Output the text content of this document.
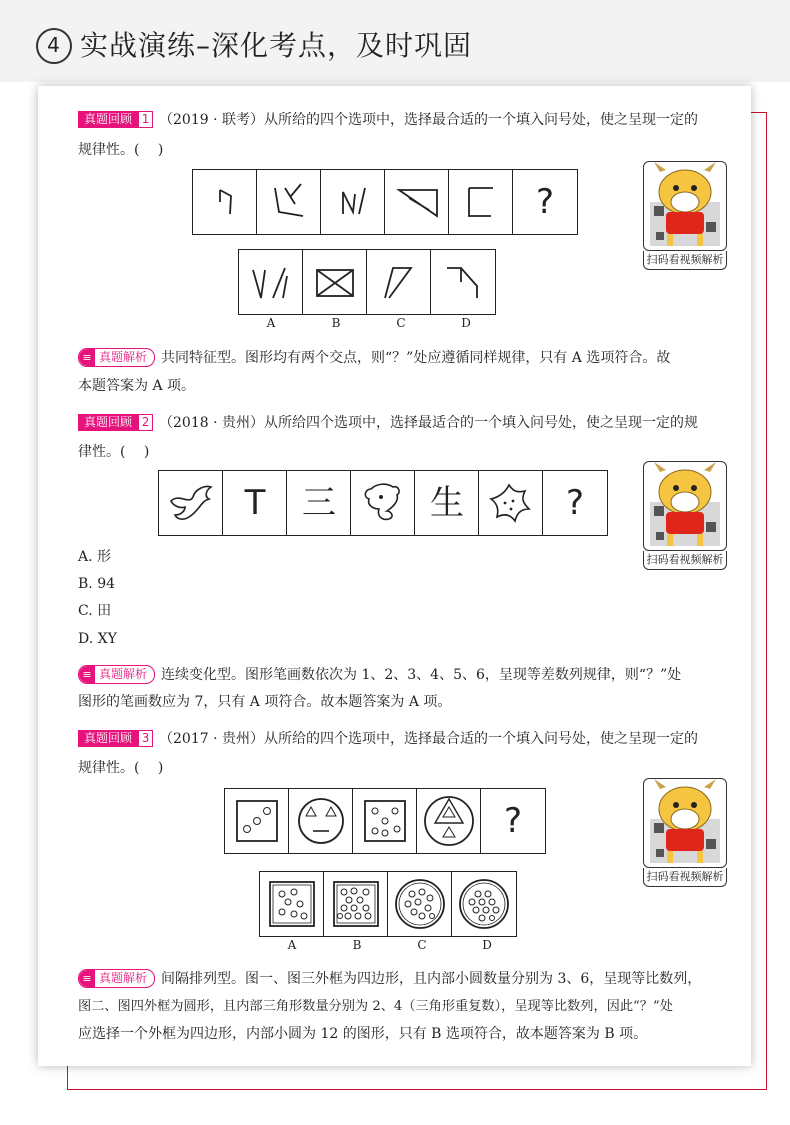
4 实战演练–深化考点，及时巩固
真题回顾 1 （2019 · 联考）从所给的四个选项中，选择最合适的一个填入问号处，使之呈现一定的
规律性。(　 )
?
A	B	C	D
≡ 真题解析 共同特征型。图形均有两个交点，则“？”处应遵循同样规律，只有 A 选项符合。故
本题答案为 A 项。
真题回顾 2 （2018 · 贵州）从所给四个选项中，选择最适合的一个填入问号处，使之呈现一定的规
律性。(　 )
T	三	生	?
A. 形
B. 94
C. 田
D. XY
≡ 真题解析 连续变化型。图形笔画数依次为 1、2、3、4、5、6，呈现等差数列规律，则“？”处
图形的笔画数应为 7，只有 A 项符合。故本题答案为 A 项。
真题回顾 3 （2017 · 贵州）从所给的四个选项中，选择最合适的一个填入问号处，使之呈现一定的
规律性。(　 )
?
A	B	C	D
≡ 真题解析 间隔排列型。图一、图三外框为四边形，且内部小圆数量分别为 3、6，呈现等比数列，
图二、图四外框为圆形，且内部三角形数量分别为 2、4（三角形重复数），呈现等比数列，因此“？”处
应选择一个外框为四边形，内部小圆为 12 的图形，只有 B 选项符合，故本题答案为 B 项。
扫码看视频解析
扫码看视频解析
扫码看视频解析
